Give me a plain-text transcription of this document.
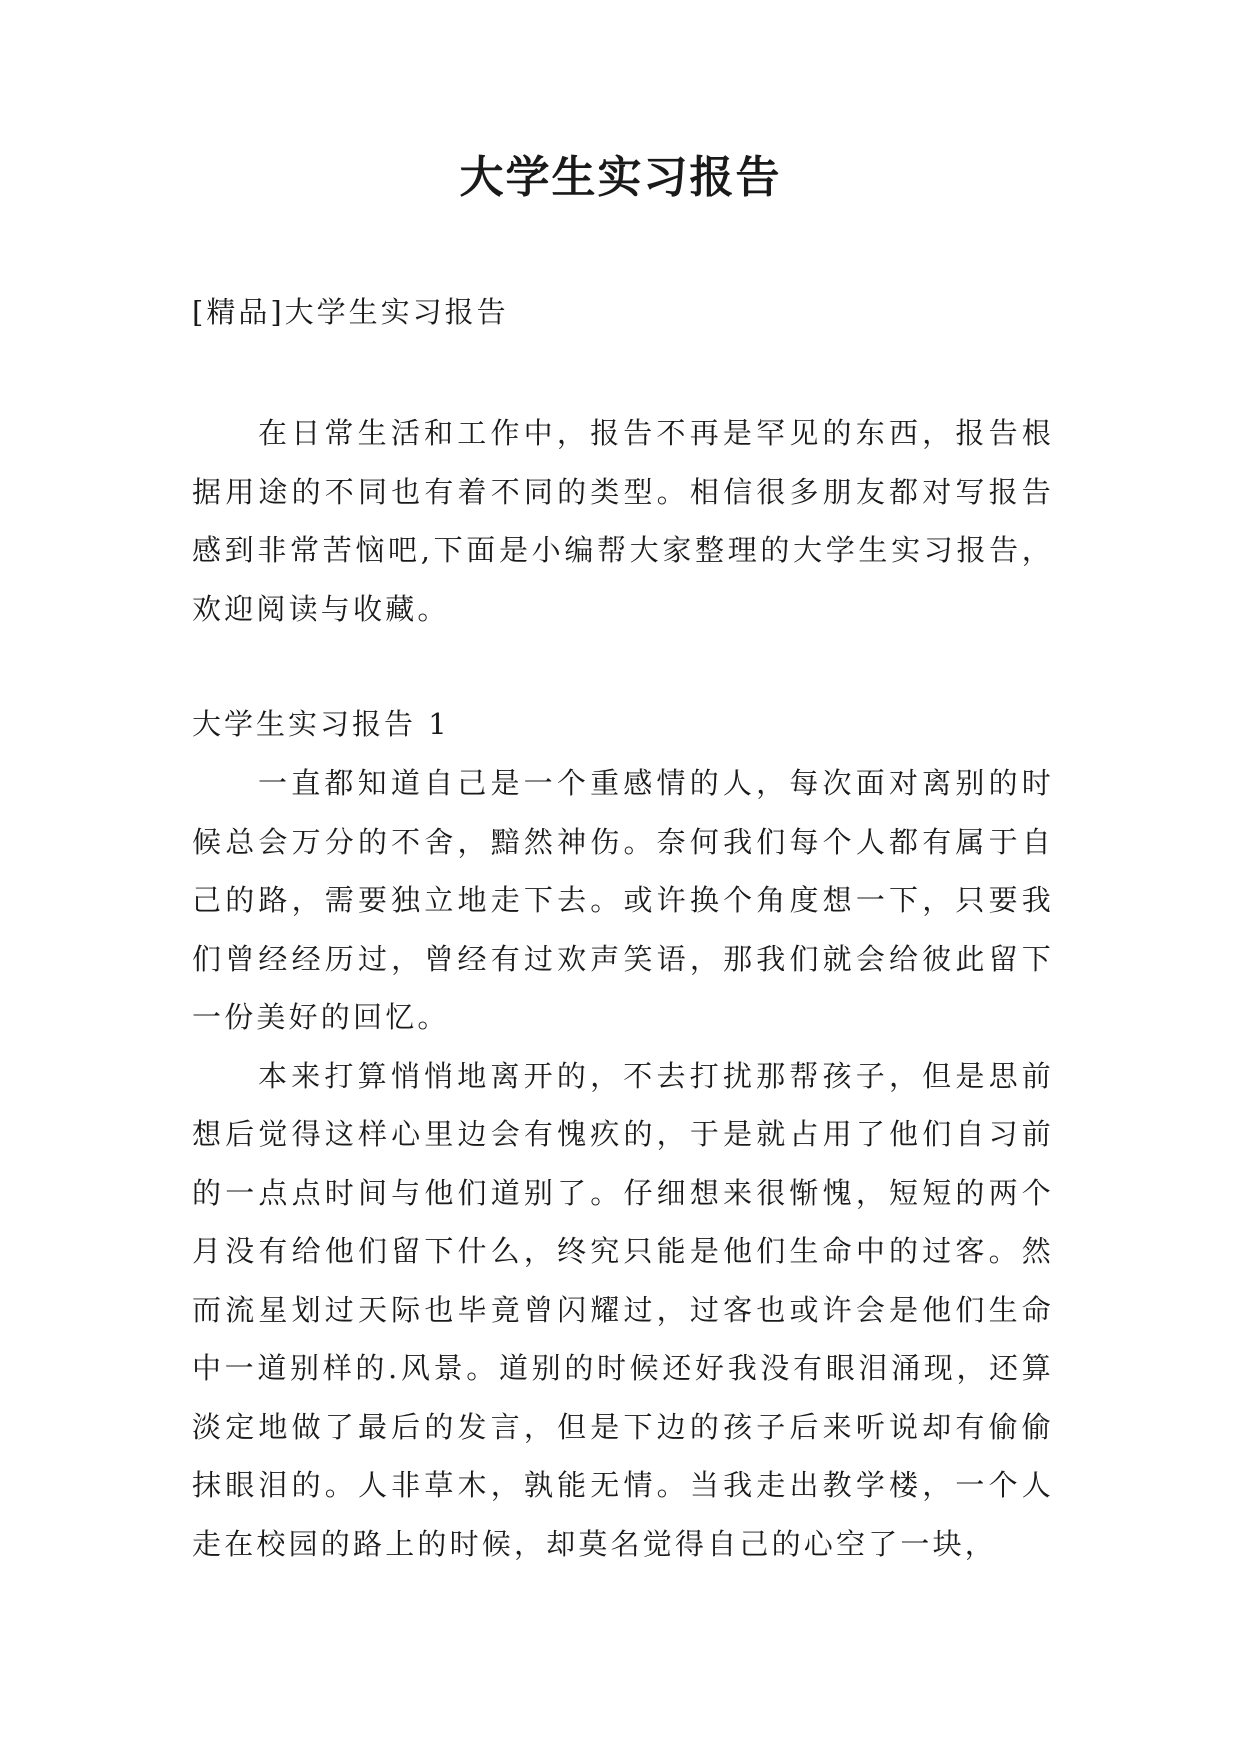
大学生实习报告

[精品]大学生实习报告

在日常生活和工作中，报告不再是罕见的东西，报告根据用途的不同也有着不同的类型。相信很多朋友都对写报告感到非常苦恼吧,下面是小编帮大家整理的大学生实习报告，欢迎阅读与收藏。

大学生实习报告 1

一直都知道自己是一个重感情的人，每次面对离别的时候总会万分的不舍，黯然神伤。奈何我们每个人都有属于自己的路，需要独立地走下去。或许换个角度想一下，只要我们曾经经历过，曾经有过欢声笑语，那我们就会给彼此留下一份美好的回忆。

本来打算悄悄地离开的，不去打扰那帮孩子，但是思前想后觉得这样心里边会有愧疚的，于是就占用了他们自习前的一点点时间与他们道别了。仔细想来很惭愧，短短的两个月没有给他们留下什么，终究只能是他们生命中的过客。然而流星划过天际也毕竟曾闪耀过，过客也或许会是他们生命中一道别样的.风景。道别的时候还好我没有眼泪涌现，还算淡定地做了最后的发言，但是下边的孩子后来听说却有偷偷抹眼泪的。人非草木，孰能无情。当我走出教学楼，一个人走在校园的路上的时候，却莫名觉得自己的心空了一块，
